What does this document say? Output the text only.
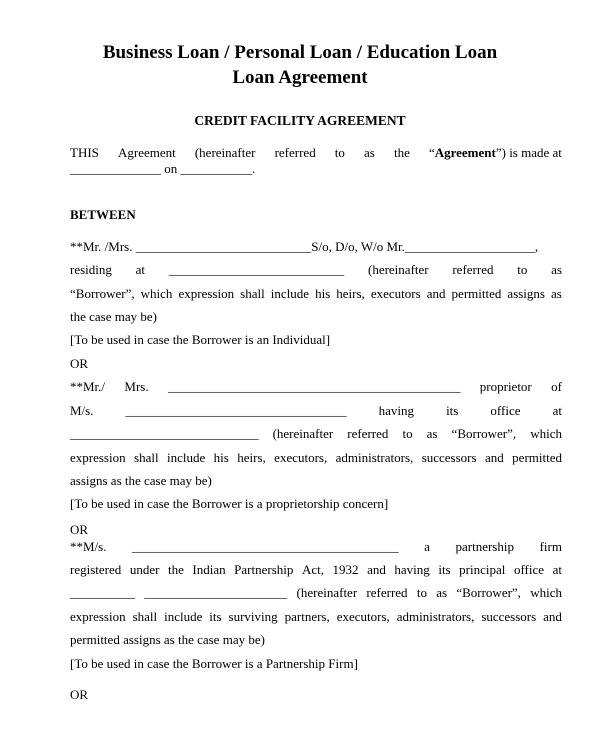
Business Loan / Personal Loan / Education Loan
Loan Agreement
CREDIT FACILITY AGREEMENT
THIS Agreement (hereinafter referred to as the “Agreement”) is made at
______________ on ___________.
BETWEEN
**Mr. /Mrs. ___________________________S/o, D/o, W/o Mr.____________________,
residing at ___________________________ (hereinafter referred to as
“Borrower”, which expression shall include his heirs, executors and permitted assigns as
the case may be)
[To be used in case the Borrower is an Individual]
OR
**Mr./ Mrs. _____________________________________________ proprietor of
M/s. __________________________________ having its office at
_____________________________ (hereinafter referred to as “Borrower”, which
expression shall include his heirs, executors, administrators, successors and permitted
assigns as the case may be)
[To be used in case the Borrower is a proprietorship concern]
OR
**M/s. _________________________________________ a partnership firm
registered under the Indian Partnership Act, 1932 and having its principal office at
__________ ______________________ (hereinafter referred to as “Borrower”, which
expression shall include its surviving partners, executors, administrators, successors and
permitted assigns as the case may be)
[To be used in case the Borrower is a Partnership Firm]
OR
